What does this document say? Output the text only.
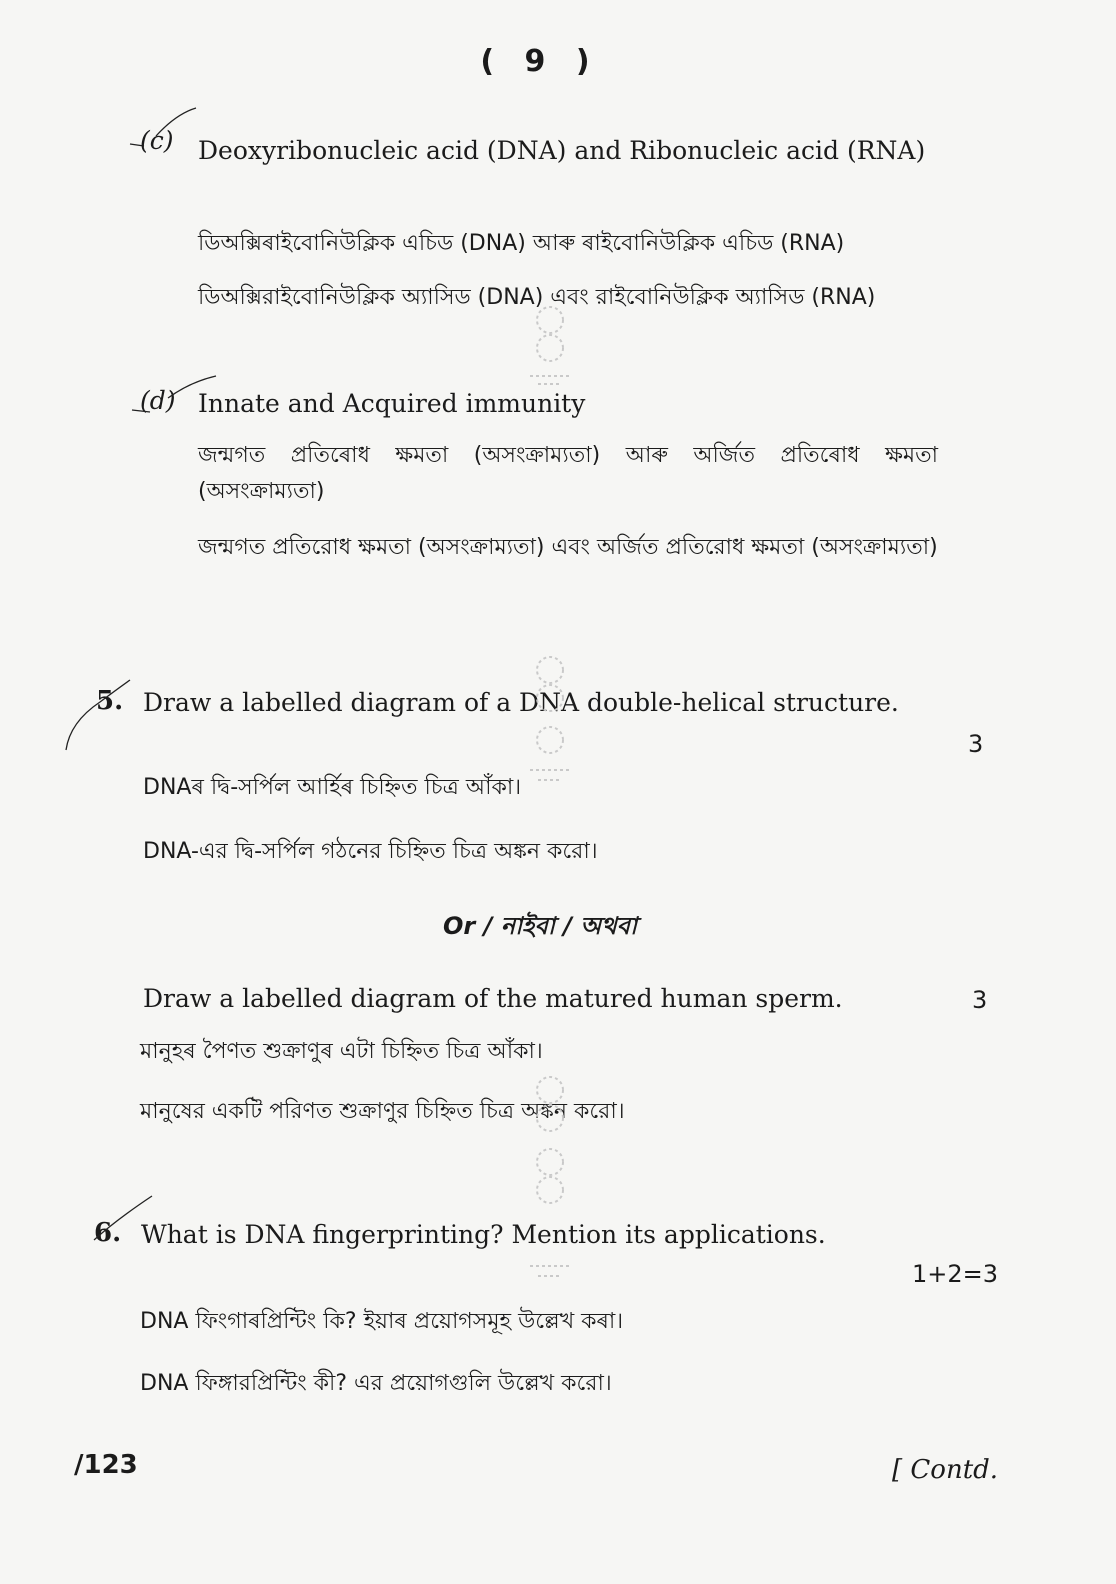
( 9 )
(c) Deoxyribonucleic acid (DNA) and Ribonucleic acid (RNA)
ডিঅক্সিৰাইবোনিউক্লিক এচিড (DNA) আৰু ৰাইবোনিউক্লিক এচিড (RNA)
ডিঅক্সিরাইবোনিউক্লিক অ্যাসিড (DNA) এবং রাইবোনিউক্লিক অ্যাসিড (RNA)
(d) Innate and Acquired immunity
জন্মগত প্ৰতিৰোধ ক্ষমতা (অসংক্ৰাম্যতা) আৰু অৰ্জিত প্ৰতিৰোধ ক্ষমতা (অসংক্ৰাম্যতা)
জন্মগত প্রতিরোধ ক্ষমতা (অসংক্রাম্যতা) এবং অর্জিত প্রতিরোধ ক্ষমতা (অসংক্রাম্যতা)
5. Draw a labelled diagram of a DNA double-helical structure.
3
DNAৰ দ্বি-সৰ্পিল আৰ্হিৰ চিহ্নিত চিত্ৰ আঁকা।
DNA-এর দ্বি-সর্পিল গঠনের চিহ্নিত চিত্র অঙ্কন করো।
Or / নাইবা / অথবা
Draw a labelled diagram of the matured human sperm.	3
মানুহৰ পৈণত শুক্ৰাণুৰ এটা চিহ্নিত চিত্ৰ আঁকা।
মানুষের একটি পরিণত শুক্রাণুর চিহ্নিত চিত্র অঙ্কন করো।
6. What is DNA fingerprinting? Mention its applications.
1+2=3
DNA ফিংগাৰপ্ৰিন্টিং কি? ইয়াৰ প্ৰয়োগসমূহ উল্লেখ কৰা।
DNA ফিঙ্গারপ্রিন্টিং কী? এর প্রয়োগগুলি উল্লেখ করো।
/123	[ Contd.
